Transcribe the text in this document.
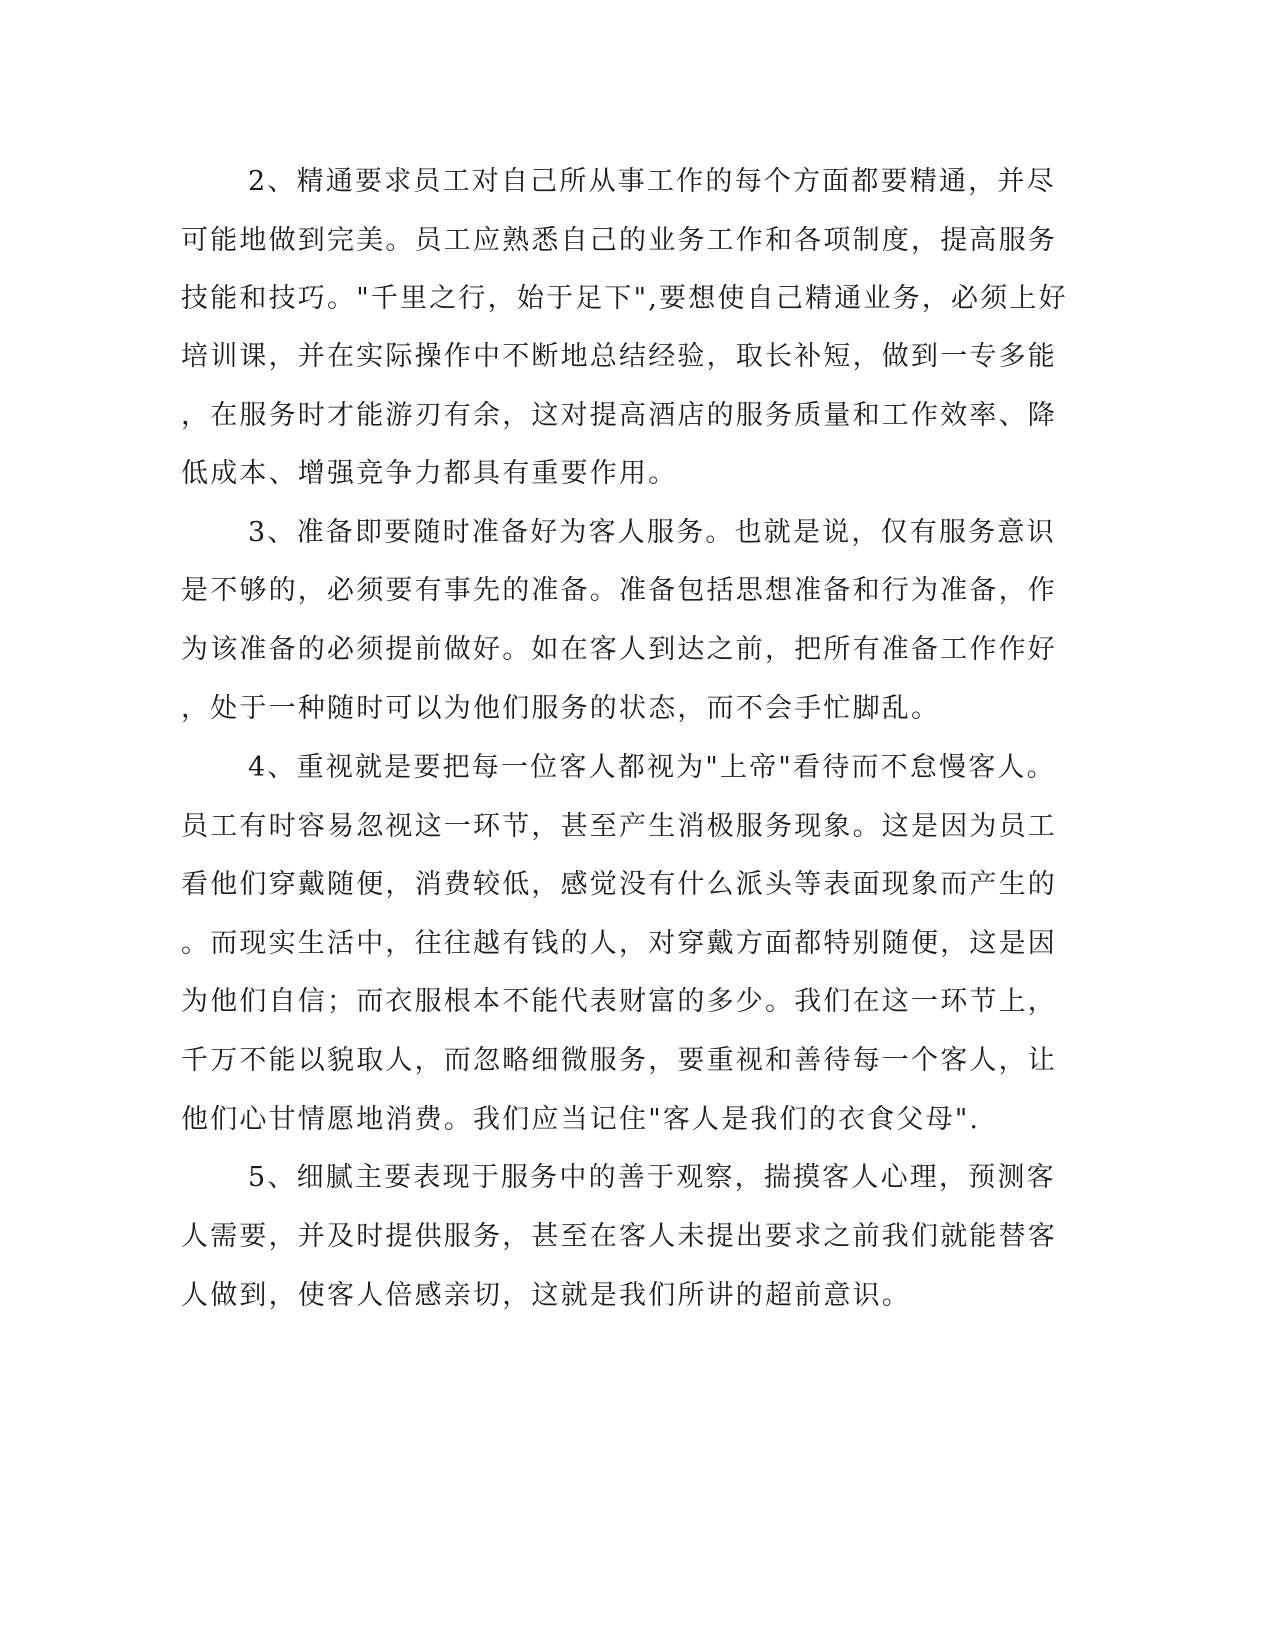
2、精通要求员工对自己所从事工作的每个方面都要精通，并尽

可能地做到完美。员工应熟悉自己的业务工作和各项制度，提高服务

技能和技巧。"千里之行，始于足下",要想使自己精通业务，必须上好

培训课，并在实际操作中不断地总结经验，取长补短，做到一专多能

，在服务时才能游刃有余，这对提高酒店的服务质量和工作效率、降

低成本、增强竞争力都具有重要作用。

3、准备即要随时准备好为客人服务。也就是说，仅有服务意识

是不够的，必须要有事先的准备。准备包括思想准备和行为准备，作

为该准备的必须提前做好。如在客人到达之前，把所有准备工作作好

，处于一种随时可以为他们服务的状态，而不会手忙脚乱。

4、重视就是要把每一位客人都视为"上帝"看待而不怠慢客人。

员工有时容易忽视这一环节，甚至产生消极服务现象。这是因为员工

看他们穿戴随便，消费较低，感觉没有什么派头等表面现象而产生的

。而现实生活中，往往越有钱的人，对穿戴方面都特别随便，这是因

为他们自信；而衣服根本不能代表财富的多少。我们在这一环节上，

千万不能以貌取人，而忽略细微服务，要重视和善待每一个客人，让

他们心甘情愿地消费。我们应当记住"客人是我们的衣食父母".

5、细腻主要表现于服务中的善于观察，揣摸客人心理，预测客

人需要，并及时提供服务，甚至在客人未提出要求之前我们就能替客

人做到，使客人倍感亲切，这就是我们所讲的超前意识。
